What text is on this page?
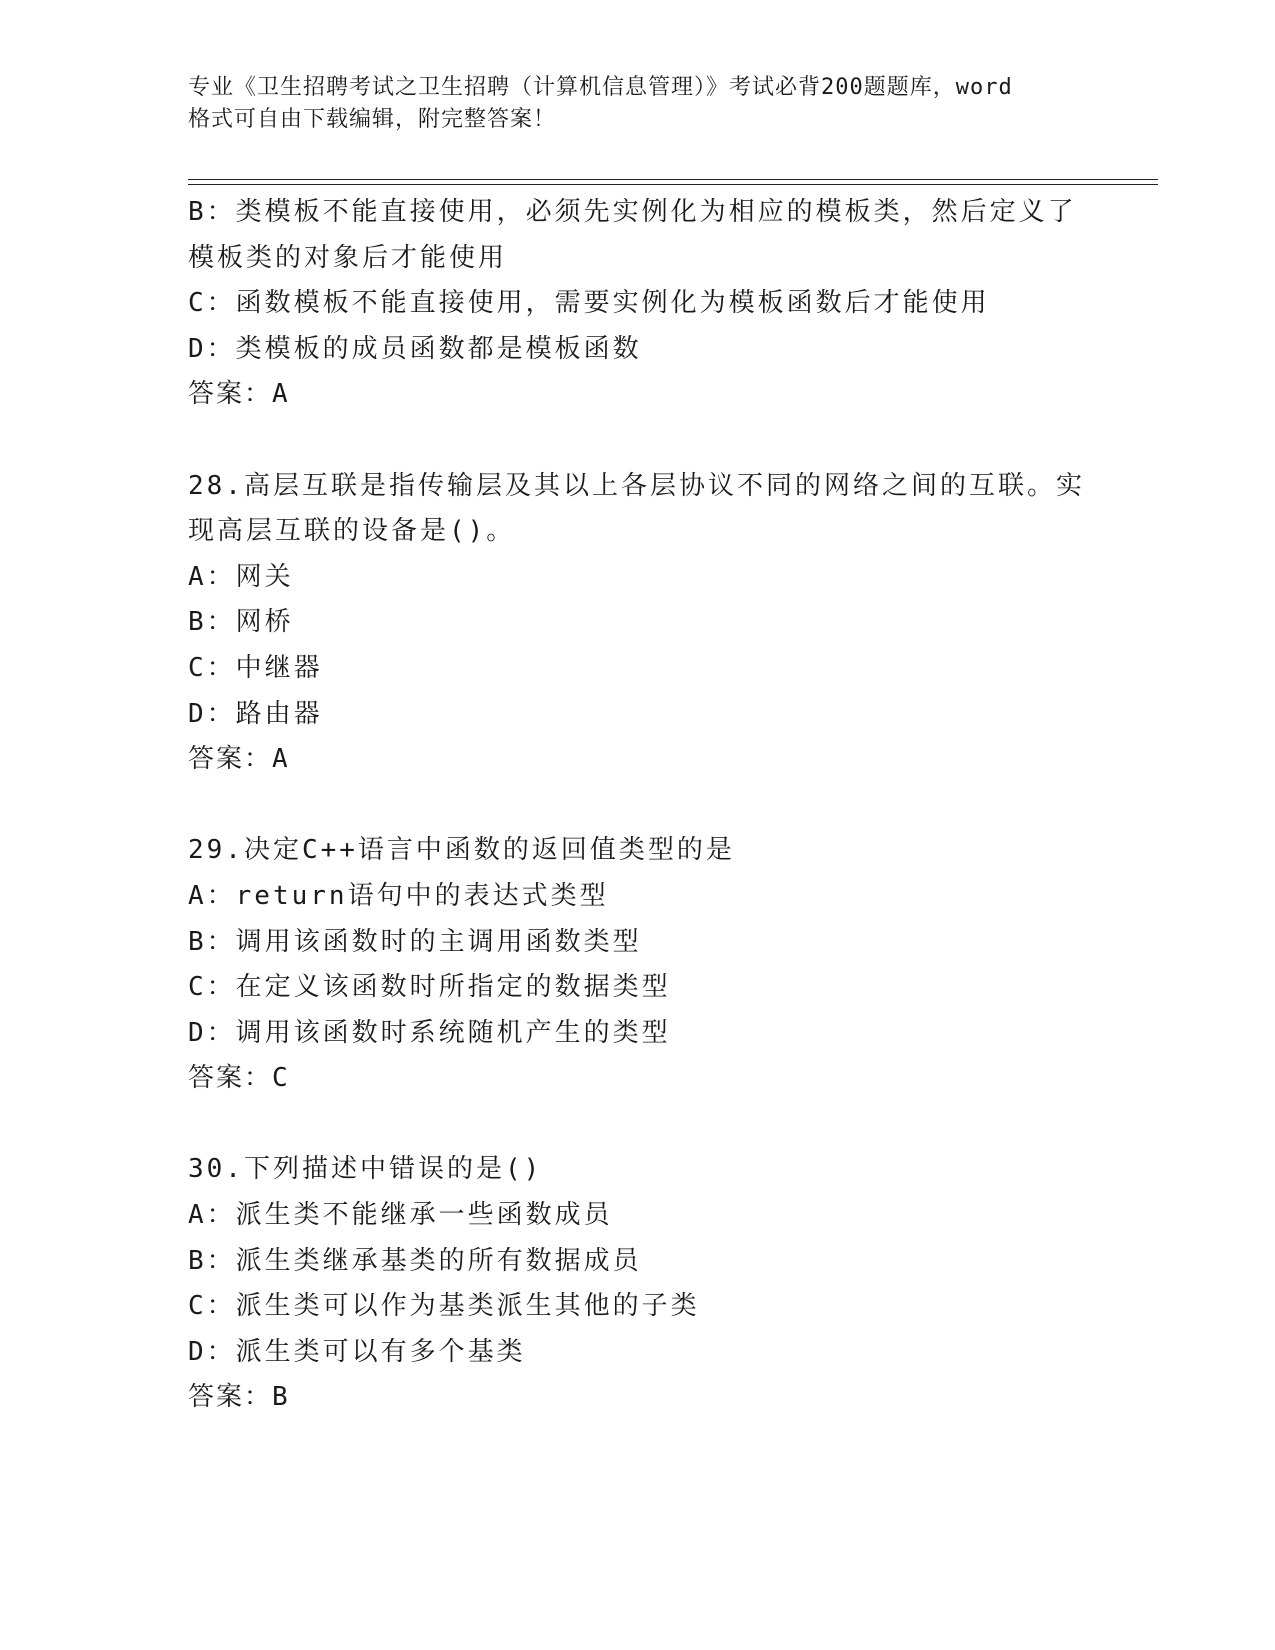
专业《卫生招聘考试之卫生招聘（计算机信息管理）》考试必背200题题库，word
格式可自由下载编辑，附完整答案！
B：类模板不能直接使用，必须先实例化为相应的模板类，然后定义了
模板类的对象后才能使用
C：函数模板不能直接使用，需要实例化为模板函数后才能使用
D：类模板的成员函数都是模板函数
答案：A
28.高层互联是指传输层及其以上各层协议不同的网络之间的互联。实
现高层互联的设备是()。
A：网关
B：网桥
C：中继器
D：路由器
答案：A
29.决定C++语言中函数的返回值类型的是
A：return语句中的表达式类型
B：调用该函数时的主调用函数类型
C：在定义该函数时所指定的数据类型
D：调用该函数时系统随机产生的类型
答案：C
30.下列描述中错误的是()
A：派生类不能继承一些函数成员
B：派生类继承基类的所有数据成员
C：派生类可以作为基类派生其他的子类
D：派生类可以有多个基类
答案：B
